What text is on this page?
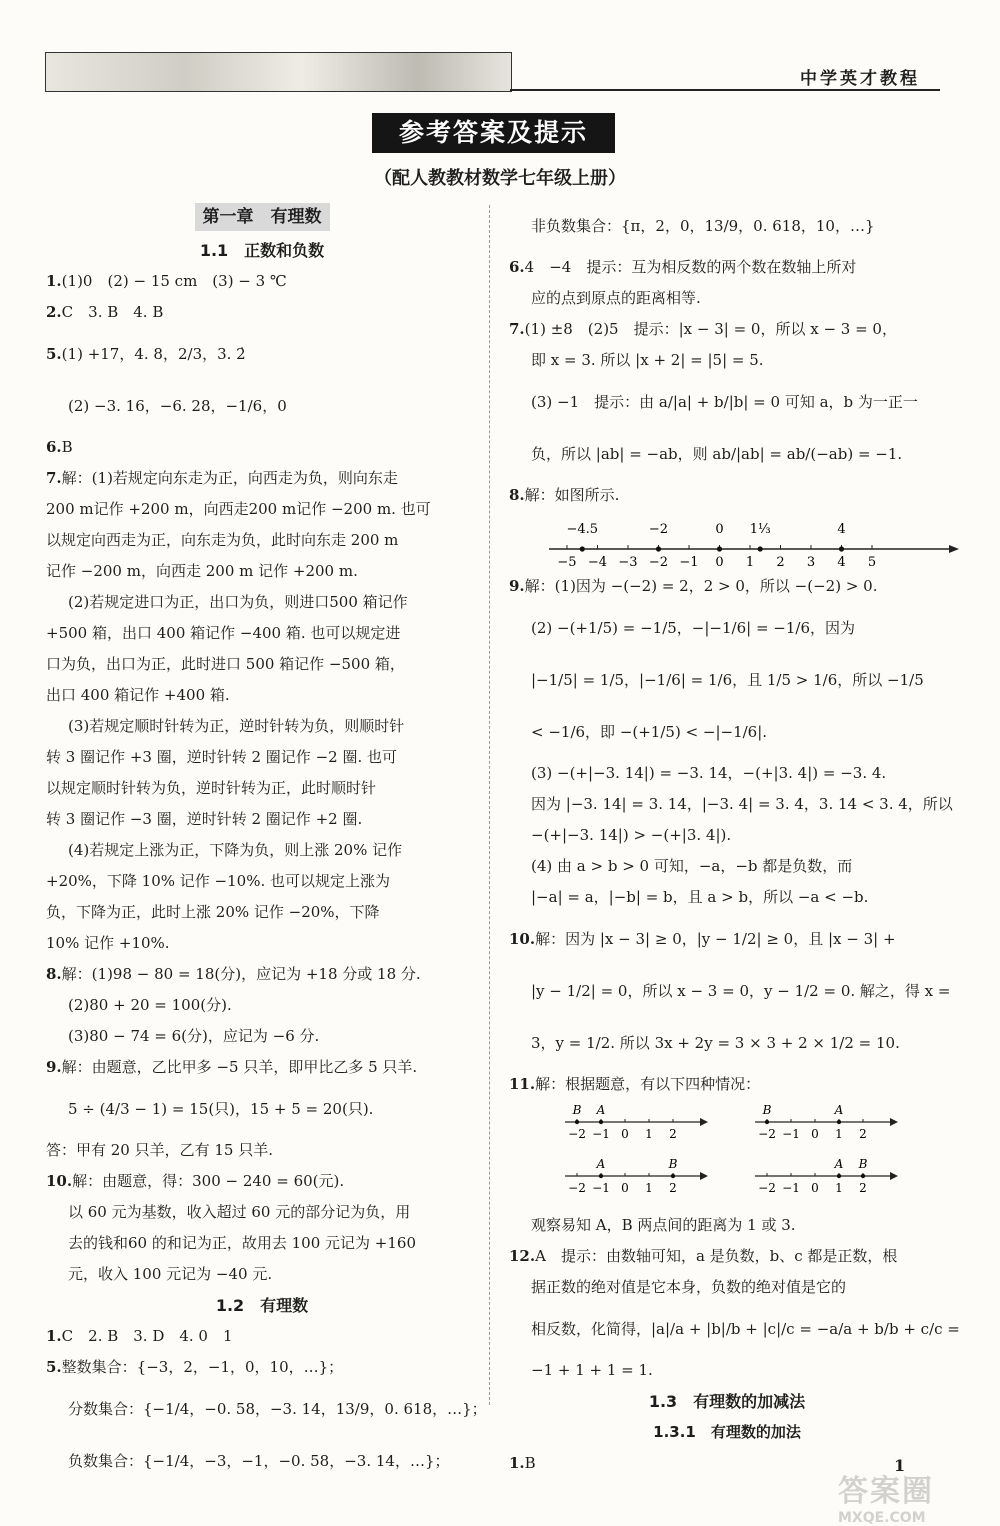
中学英才教程
参考答案及提示
（配人教教材数学七年级上册）
第一章　有理数
1.1　正数和负数
1.(1)0　(2) − 15 cm　(3) − 3 ℃
2.C　3. B　4. B
5.(1) +17，4. 8，2/3，3. 2̇
(2) −3. 16，−6. 28，−1/6，0
6.B
7.解：(1)若规定向东走为正，向西走为负，则向东走
200 m记作 +200 m，向西走200 m记作 −200 m. 也可
以规定向西走为正，向东走为负，此时向东走 200 m
记作 −200 m，向西走 200 m 记作 +200 m.
(2)若规定进口为正，出口为负，则进口500 箱记作
+500 箱，出口 400 箱记作 −400 箱. 也可以规定进
口为负，出口为正，此时进口 500 箱记作 −500 箱，
出口 400 箱记作 +400 箱.
(3)若规定顺时针转为正，逆时针转为负，则顺时针
转 3 圈记作 +3 圈，逆时针转 2 圈记作 −2 圈. 也可
以规定顺时针转为负，逆时针转为正，此时顺时针
转 3 圈记作 −3 圈，逆时针转 2 圈记作 +2 圈.
(4)若规定上涨为正，下降为负，则上涨 20% 记作
+20%，下降 10% 记作 −10%. 也可以规定上涨为
负，下降为正，此时上涨 20% 记作 −20%，下降
10% 记作 +10%.
8.解：(1)98 − 80 = 18(分)，应记为 +18 分或 18 分.
(2)80 + 20 = 100(分).
(3)80 − 74 = 6(分)，应记为 −6 分.
9.解：由题意，乙比甲多 −5 只羊，即甲比乙多 5 只羊.
5 ÷ (4/3 − 1) = 15(只)，15 + 5 = 20(只).
答：甲有 20 只羊，乙有 15 只羊.
10.解：由题意，得：300 − 240 = 60(元).
以 60 元为基数，收入超过 60 元的部分记为负，用
去的钱和60 的和记为正，故用去 100 元记为 +160
元，收入 100 元记为 −40 元.
1.2　有理数
1.C　2. B　3. D　4. 0　1
5.整数集合：{−3，2，−1，0，10，…}；
分数集合：{−1/4，−0. 58，−3. 14，13/9，0. 618，…}；
负数集合：{−1/4，−3，−1，−0. 58，−3. 14，…}；
非负数集合：{π，2，0，13/9，0. 618，10，…}
6.4　−4　提示：互为相反数的两个数在数轴上所对
应的点到原点的距离相等.
7.(1) ±8　(2)5　提示：|x − 3| = 0，所以 x − 3 = 0，
即 x = 3. 所以 |x + 2| = |5| = 5.
(3) −1　提示：由 a/|a| + b/|b| = 0 可知 a，b 为一正一
负，所以 |ab| = −ab，则 ab/|ab| = ab/(−ab) = −1.
8.解：如图所示.
−5 −4 −3 −2 −1 0 1 2 3 4 5
−4.5	−2	0 1⅓	4
9.解：(1)因为 −(−2) = 2，2 > 0，所以 −(−2) > 0.
(2) −(+1/5) = −1/5，−|−1/6| = −1/6，因为
|−1/5| = 1/5，|−1/6| = 1/6，且 1/5 > 1/6，所以 −1/5
< −1/6，即 −(+1/5) < −|−1/6|.
(3) −(+|−3. 14|) = −3. 14，−(+|3. 4|) = −3. 4.
因为 |−3. 14| = 3. 14，|−3. 4| = 3. 4，3. 14 < 3. 4，所以
−(+|−3. 14|) > −(+|3. 4|).
(4) 由 a > b > 0 可知，−a，−b 都是负数，而
|−a| = a，|−b| = b，且 a > b，所以 −a < −b.
10.解：因为 |x − 3| ≥ 0，|y − 1/2| ≥ 0，且 |x − 3| +
|y − 1/2| = 0，所以 x − 3 = 0，y − 1/2 = 0. 解之，得 x =
3，y = 1/2. 所以 3x + 2y = 3 × 3 + 2 × 1/2 = 10.
11.解：根据题意，有以下四种情况：
−2 −1 0 1 2
B A
−2 −1 0 1 2
B	A
−2 −1 0 1 2
B
A
−2 −1 0 1 2
B
A
观察易知 A，B 两点间的距离为 1 或 3.
12.A　提示：由数轴可知，a 是负数，b、c 都是正数，根
据正数的绝对值是它本身，负数的绝对值是它的
相反数，化简得，|a|/a + |b|/b + |c|/c = −a/a + b/b + c/c =
−1 + 1 + 1 = 1.
1.3　有理数的加减法
1.3.1　有理数的加法
1.B	1
答案圈
MXQE.COM
